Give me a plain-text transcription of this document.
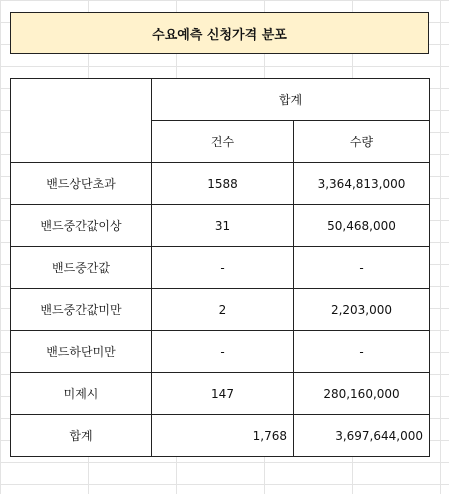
수요예측 신청가격 분포
	합계	
	건수	수량
밴드상단초과	1588	3,364,813,000
밴드중간값이상	31	50,468,000
밴드중간값	-	-
밴드중간값미만	2	2,203,000
밴드하단미만	-	-
미제시	147	280,160,000
합계	1,768	3,697,644,000
